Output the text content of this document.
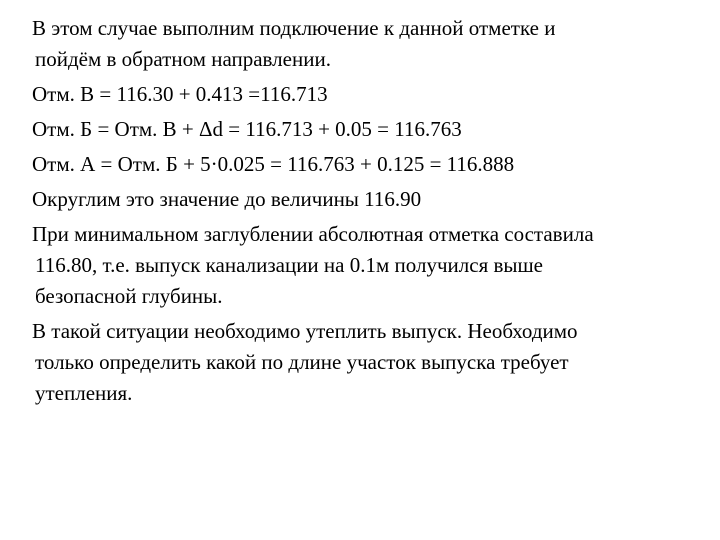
В этом случае выполним подключение к данной отметке и
пойдём в обратном направлении.

Отм. В = 116.30 + 0.413 =116.713

Отм. Б = Отм. В + Δd = 116.713 + 0.05 = 116.763

Отм. А = Отм. Б + 5·0.025 = 116.763 + 0.125 = 116.888

Округлим это значение до величины 116.90

При минимальном заглублении абсолютная отметка составила
116.80, т.е. выпуск канализации на 0.1м получился выше
безопасной глубины.

В такой ситуации необходимо утеплить выпуск. Необходимо
только определить какой по длине участок выпуска требует
утепления.
